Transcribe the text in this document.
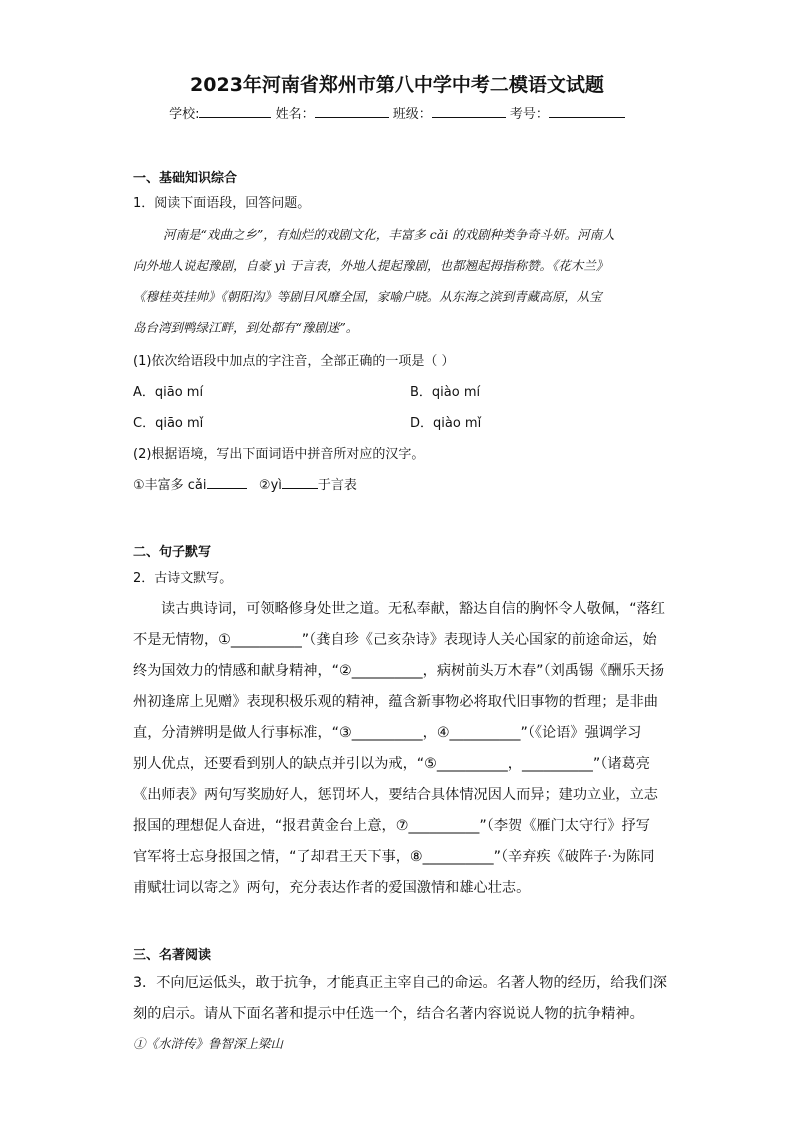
2023年河南省郑州市第八中学中考二模语文试题
学校:	姓名：	班级：	考号：
一、基础知识综合
1．阅读下面语段，回答问题。
河南是“戏曲之乡”，有灿烂的戏剧文化，丰富多 cǎi 的戏剧种类争奇斗妍。河南人
向外地人说起豫剧，自豪 yì 于言表，外地人提起豫剧，也都翘起拇指称赞。《花木兰》
《穆桂英挂帅》《朝阳沟》等剧目风靡全国，家喻户晓。从东海之滨到青藏高原，从宝
岛台湾到鸭绿江畔，到处都有“豫剧迷”。
(1)依次给语段中加点的字注音，全部正确的一项是（ ）
A．qiāo mí	B．qiào mí
C．qiāo mǐ	D．qiào mǐ
(2)根据语境，写出下面词语中拼音所对应的汉字。
①丰富多 cǎi	②yì	于言表
二、句子默写
2．古诗文默写。
读古典诗词，可领略修身处世之道。无私奉献，豁达自信的胸怀令人敬佩，“落红
不是无情物，①__________”（龚自珍《己亥杂诗》表现诗人关心国家的前途命运，始
终为国效力的情感和献身精神，“②__________，病树前头万木春”（刘禹锡《酬乐天扬
州初逢席上见赠》表现积极乐观的精神，蕴含新事物必将取代旧事物的哲理；是非曲
直，分清辨明是做人行事标准，“③__________，④__________”（《论语》强调学习
别人优点，还要看到别人的缺点并引以为戒，“⑤__________，__________”（诸葛亮
《出师表》两句写奖励好人，惩罚坏人，要结合具体情况因人而异；建功立业，立志
报国的理想促人奋进，“报君黄金台上意，⑦__________”（李贺《雁门太守行》抒写
官军将士忘身报国之情，“了却君王天下事，⑧__________”（辛弃疾《破阵子·为陈同
甫赋壮词以寄之》两句，充分表达作者的爱国激情和雄心壮志。
三、名著阅读
3．不向厄运低头，敢于抗争，才能真正主宰自己的命运。名著人物的经历，给我们深
刻的启示。请从下面名著和提示中任选一个，结合名著内容说说人物的抗争精神。
①《水浒传》鲁智深上梁山
